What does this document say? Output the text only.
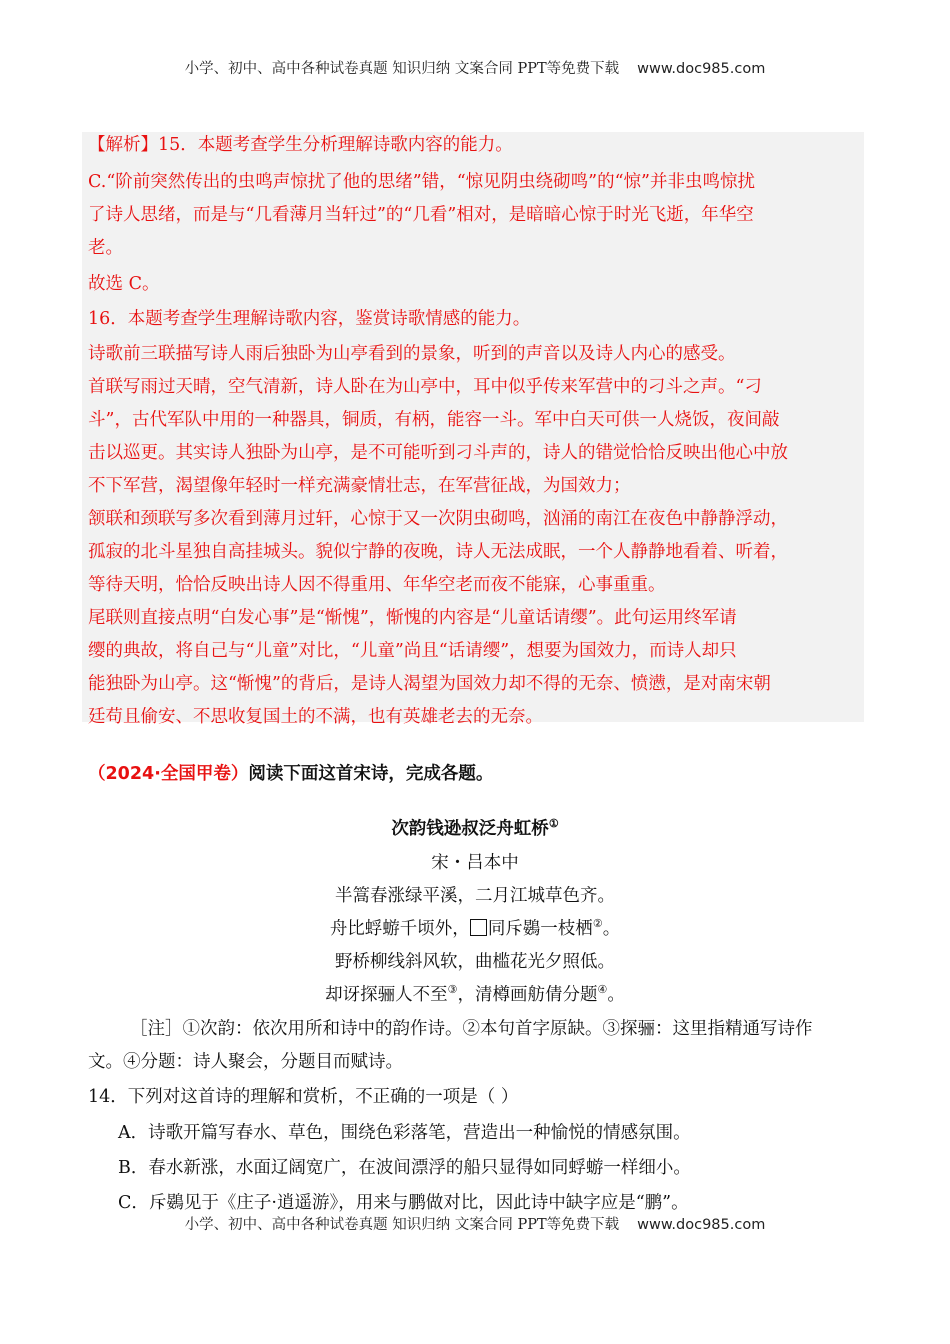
小学、初中、高中各种试卷真题 知识归纳 文案合同 PPT等免费下载 www.doc985.com
【解析】15．本题考查学生分析理解诗歌内容的能力。
C.“阶前突然传出的虫鸣声惊扰了他的思绪”错，“惊见阴虫绕砌鸣”的“惊”并非虫鸣惊扰
了诗人思绪，而是与“几看薄月当轩过”的“几看”相对，是暗暗心惊于时光飞逝，年华空
老。
故选 C。
16．本题考查学生理解诗歌内容，鉴赏诗歌情感的能力。
诗歌前三联描写诗人雨后独卧为山亭看到的景象，听到的声音以及诗人内心的感受。
首联写雨过天晴，空气清新，诗人卧在为山亭中，耳中似乎传来军营中的刁斗之声。“刁
斗”，古代军队中用的一种器具，铜质，有柄，能容一斗。军中白天可供一人烧饭，夜间敲
击以巡更。其实诗人独卧为山亭，是不可能听到刁斗声的，诗人的错觉恰恰反映出他心中放
不下军营，渴望像年轻时一样充满豪情壮志，在军营征战，为国效力；
颔联和颈联写多次看到薄月过轩，心惊于又一次阴虫砌鸣，汹涌的南江在夜色中静静浮动，
孤寂的北斗星独自高挂城头。貌似宁静的夜晚，诗人无法成眠，一个人静静地看着、听着，
等待天明，恰恰反映出诗人因不得重用、年华空老而夜不能寐，心事重重。
尾联则直接点明“白发心事”是“惭愧”，惭愧的内容是“儿童话请缨”。此句运用终军请
缨的典故，将自己与“儿童”对比，“儿童”尚且“话请缨”，想要为国效力，而诗人却只
能独卧为山亭。这“惭愧”的背后，是诗人渴望为国效力却不得的无奈、愤懑，是对南宋朝
廷苟且偷安、不思收复国土的不满，也有英雄老去的无奈。
（2024·全国甲卷）阅读下面这首宋诗，完成各题。
次韵钱逊叔泛舟虹桥①
宋・吕本中
半篙春涨绿平溪，二月江城草色齐。
舟比蜉蝣千顷外， 同斥鷃一枝栖②。
野桥柳线斜风软，曲槛花光夕照低。
却讶探骊人不至③，清樽画舫倩分题④。
［注］①次韵：依次用所和诗中的韵作诗。②本句首字原缺。③探骊：这里指精通写诗作
文。④分题：诗人聚会，分题目而赋诗。
14．下列对这首诗的理解和赏析，不正确的一项是（ ）
A．诗歌开篇写春水、草色，围绕色彩落笔，营造出一种愉悦的情感氛围。
B．春水新涨，水面辽阔宽广，在波间漂浮的船只显得如同蜉蝣一样细小。
C．斥鷃见于《庄子·逍遥游》，用来与鹏做对比，因此诗中缺字应是“鹏”。
小学、初中、高中各种试卷真题 知识归纳 文案合同 PPT等免费下载 www.doc985.com
